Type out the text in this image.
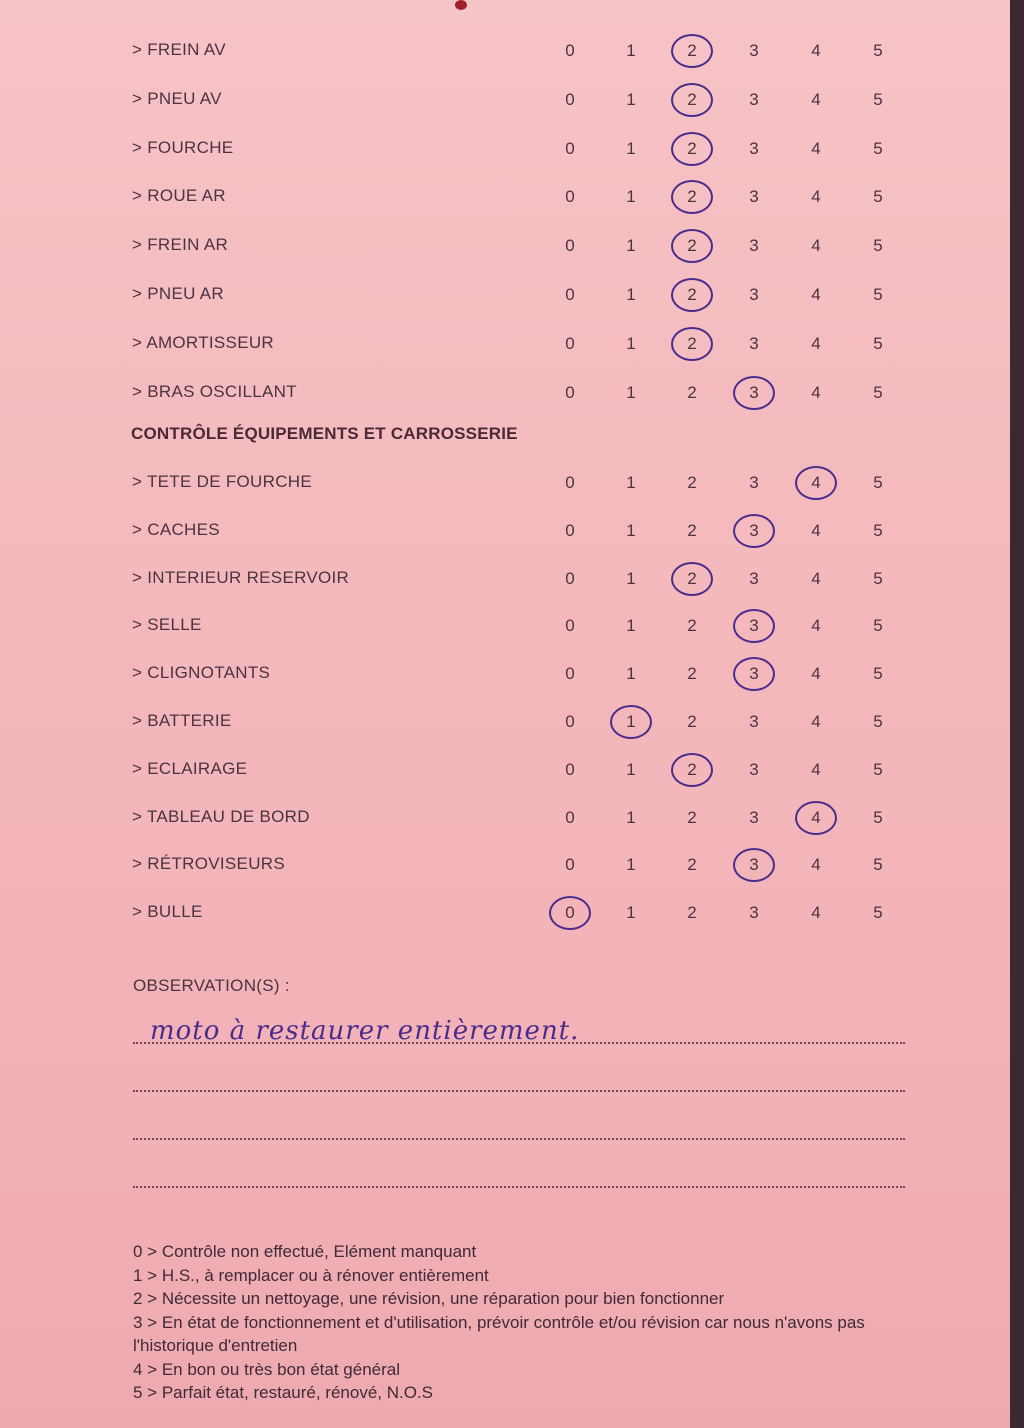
> FREIN AV	0	1	2	3	4	5
> PNEU AV	0	1	2	3	4	5
> FOURCHE	0	1	2	3	4	5
> ROUE AR	0	1	2	3	4	5
> FREIN AR	0	1	2	3	4	5
> PNEU AR	0	1	2	3	4	5
> AMORTISSEUR	0	1	2	3	4	5
> BRAS OSCILLANT	0	1	2	3	4	5
CONTRÔLE ÉQUIPEMENTS ET CARROSSERIE
> TETE DE FOURCHE	0	1	2	3	4	5
> CACHES	0	1	2	3	4	5
> INTERIEUR RESERVOIR	0	1	2	3	4	5
> SELLE	0	1	2	3	4	5
> CLIGNOTANTS	0	1	2	3	4	5
> BATTERIE	0	1	2	3	4	5
> ECLAIRAGE	0	1	2	3	4	5
> TABLEAU DE BORD	0	1	2	3	4	5
> RÉTROVISEURS	0	1	2	3	4	5
> BULLE	0	1	2	3	4	5
OBSERVATION(S) :
moto à restaurer entièrement.
0 > Contrôle non effectué, Elément manquant
1 > H.S., à remplacer ou à rénover entièrement
2 > Nécessite un nettoyage, une révision, une réparation pour bien fonctionner
3 > En état de fonctionnement et d'utilisation, prévoir contrôle et/ou révision car nous n'avons pas l'historique d'entretien
4 > En bon ou très bon état général
5 > Parfait état, restauré, rénové, N.O.S
